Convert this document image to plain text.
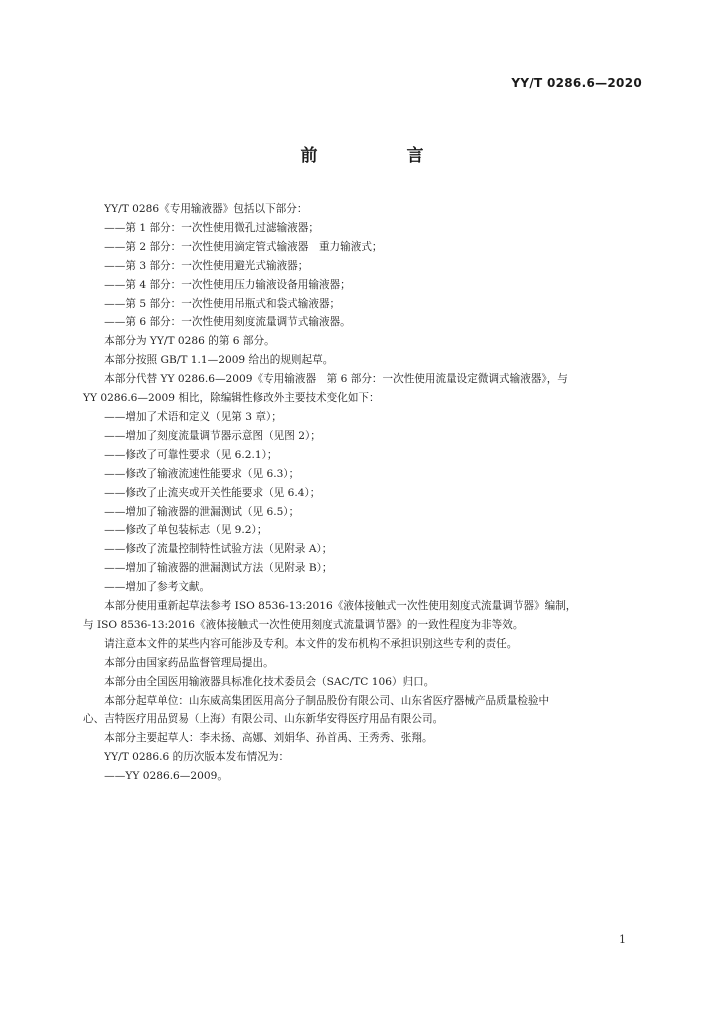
YY/T 0286.6—2020
前　言

　　YY/T 0286《专用输液器》包括以下部分：

　　——第 1 部分：一次性使用微孔过滤输液器；

　　——第 2 部分：一次性使用滴定管式输液器　重力输液式；

　　——第 3 部分：一次性使用避光式输液器；

　　——第 4 部分：一次性使用压力输液设备用输液器；

　　——第 5 部分：一次性使用吊瓶式和袋式输液器；

　　——第 6 部分：一次性使用刻度流量调节式输液器。

　　本部分为 YY/T 0286 的第 6 部分。

　　本部分按照 GB/T 1.1—2009 给出的规则起草。

　　本部分代替 YY 0286.6—2009《专用输液器　第 6 部分：一次性使用流量设定微调式输液器》，与

YY 0286.6—2009 相比，除编辑性修改外主要技术变化如下：

　　——增加了术语和定义（见第 3 章）；

　　——增加了刻度流量调节器示意图（见图 2）；

　　——修改了可靠性要求（见 6.2.1）；

　　——修改了输液流速性能要求（见 6.3）；

　　——修改了止流夹或开关性能要求（见 6.4）；

　　——增加了输液器的泄漏测试（见 6.5）；

　　——修改了单包装标志（见 9.2）；

　　——修改了流量控制特性试验方法（见附录 A）；

　　——增加了输液器的泄漏测试方法（见附录 B）；

　　——增加了参考文献。

　　本部分使用重新起草法参考 ISO 8536-13:2016《液体接触式一次性使用刻度式流量调节器》编制，

与 ISO 8536-13:2016《液体接触式一次性使用刻度式流量调节器》的一致性程度为非等效。

　　请注意本文件的某些内容可能涉及专利。本文件的发布机构不承担识别这些专利的责任。

　　本部分由国家药品监督管理局提出。

　　本部分由全国医用输液器具标准化技术委员会（SAC/TC 106）归口。

　　本部分起草单位：山东威高集团医用高分子制品股份有限公司、山东省医疗器械产品质量检验中

心、吉特医疗用品贸易（上海）有限公司、山东新华安得医疗用品有限公司。

　　本部分主要起草人：李未扬、高娜、刘娟华、孙首禹、王秀秀、张翔。

　　YY/T 0286.6 的历次版本发布情况为：

　　——YY 0286.6—2009。

1
